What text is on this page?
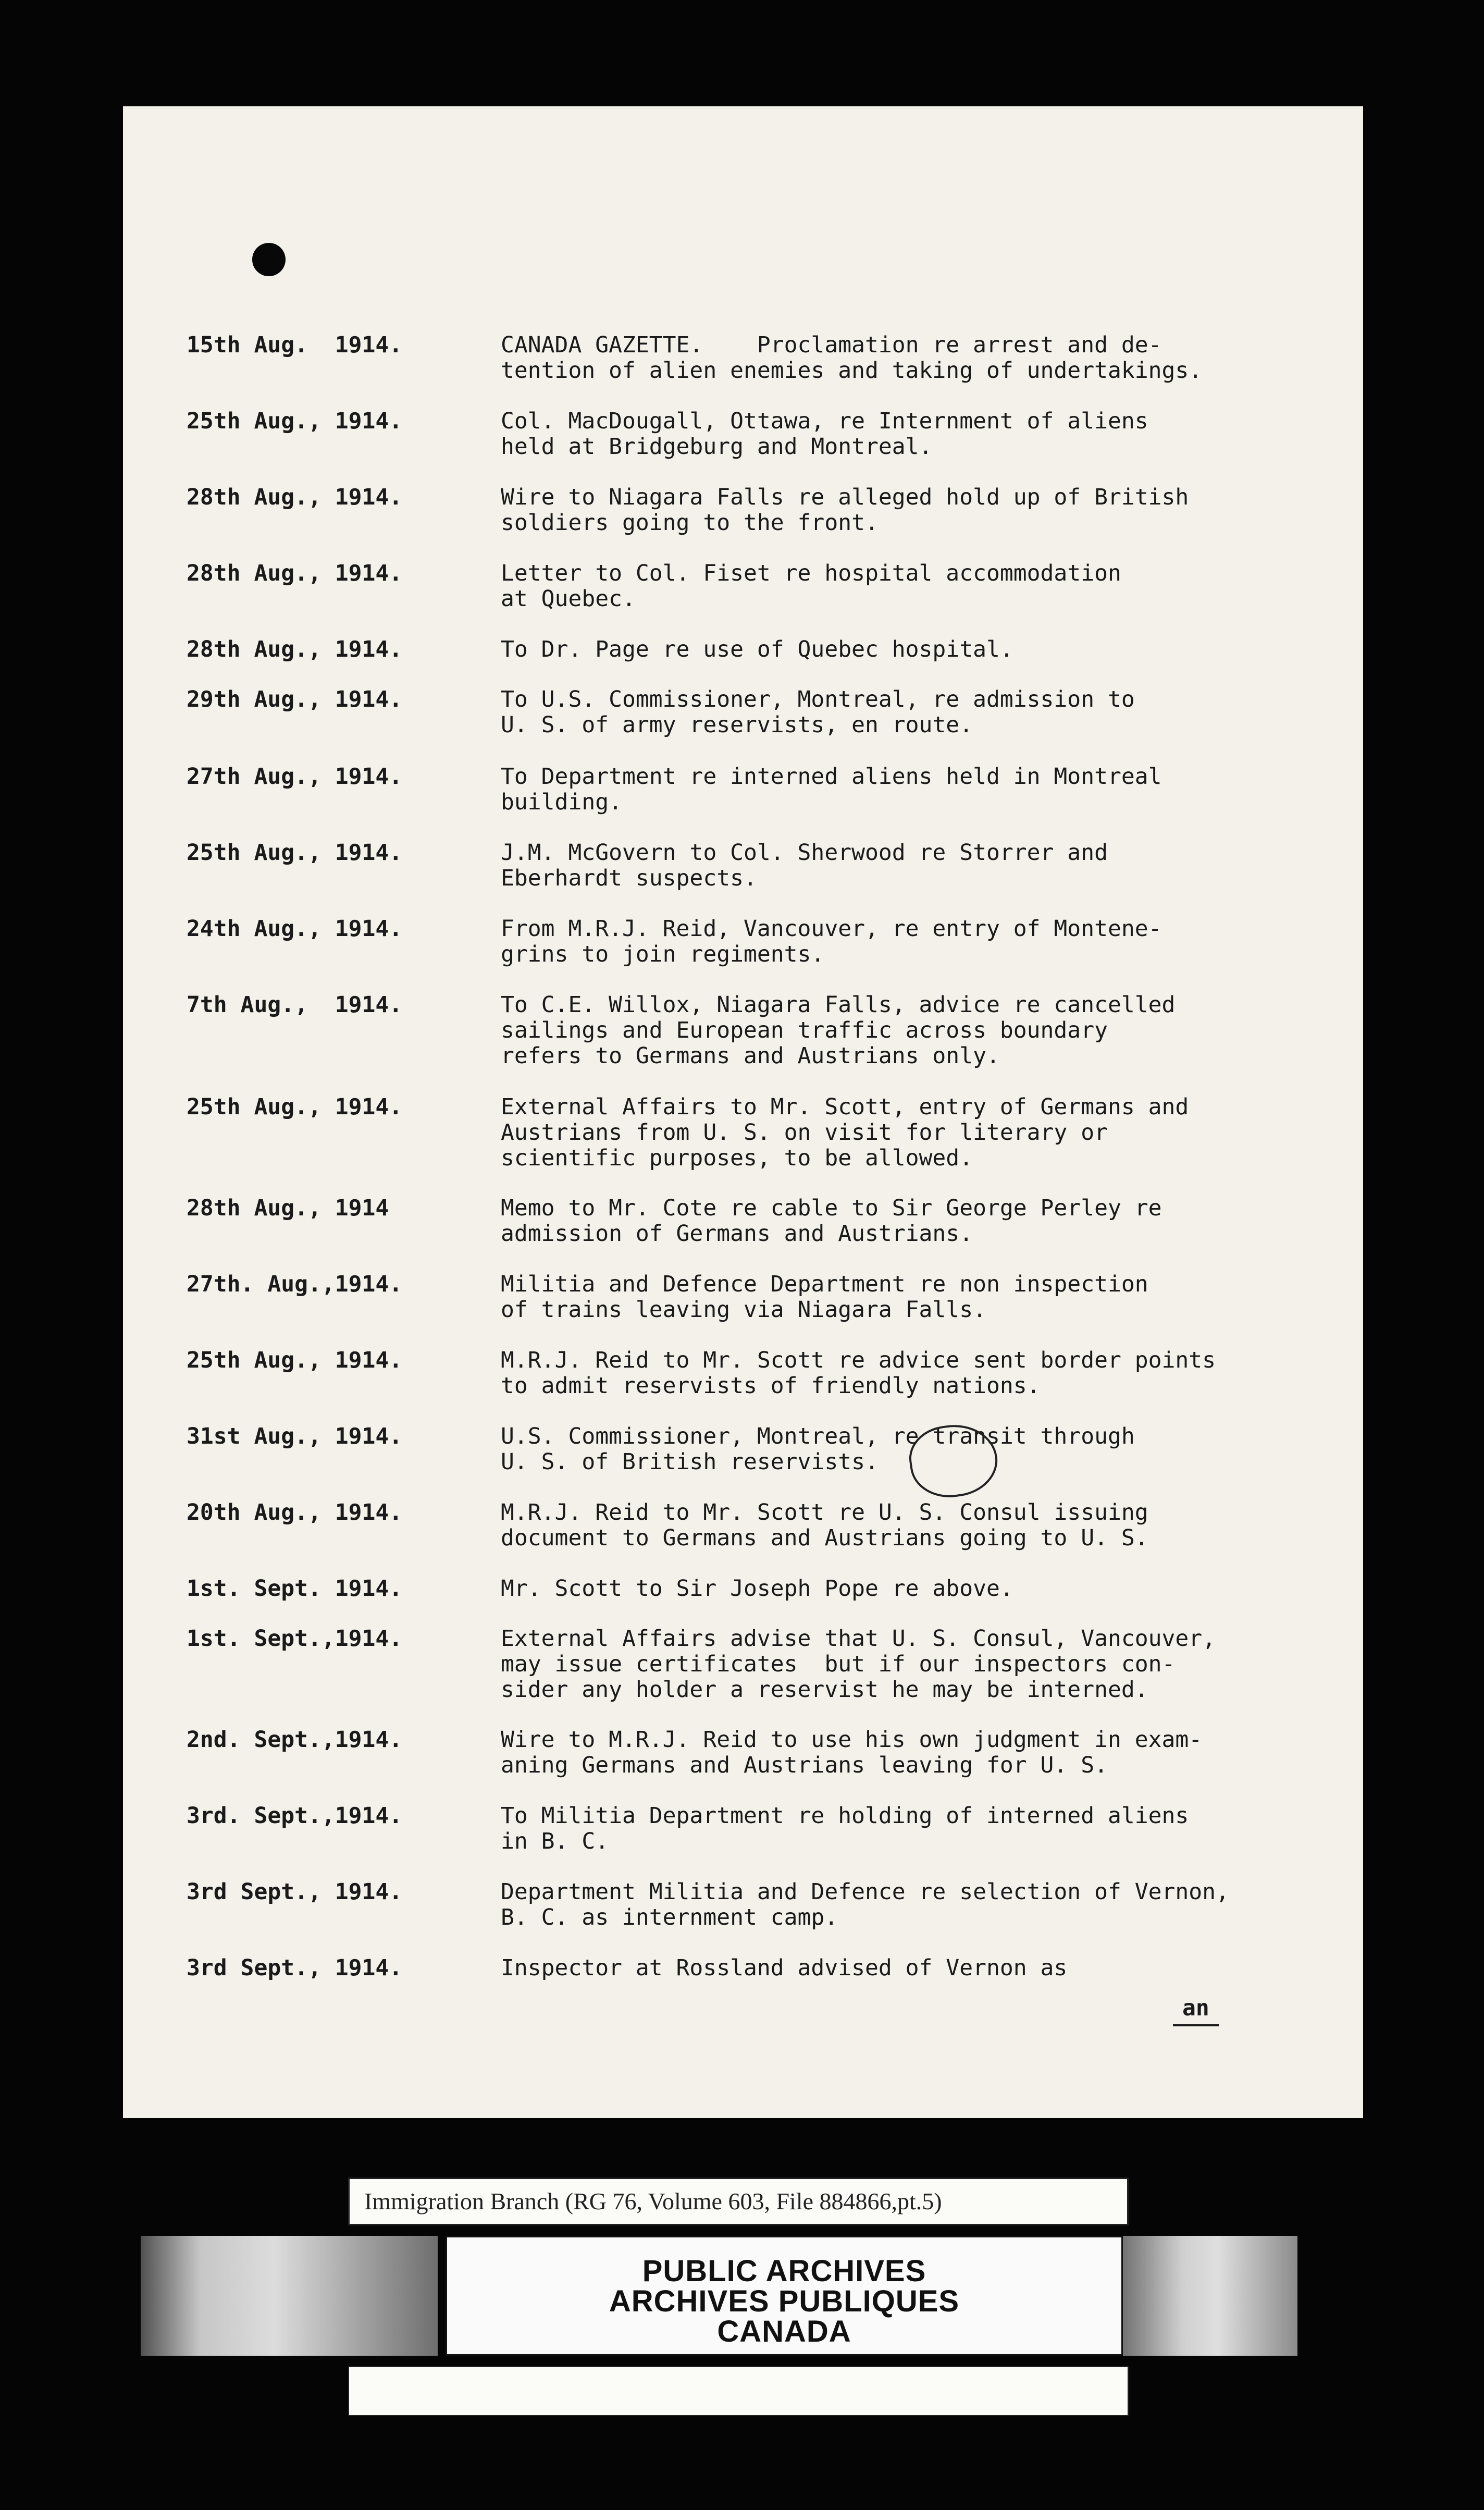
15th Aug.  1914.	CANADA GAZETTE.    Proclamation re arrest and de-
tention of alien enemies and taking of undertakings.
25th Aug., 1914.	Col. MacDougall, Ottawa, re Internment of aliens
held at Bridgeburg and Montreal.
28th Aug., 1914.	Wire to Niagara Falls re alleged hold up of British
soldiers going to the front.
28th Aug., 1914.	Letter to Col. Fiset re hospital accommodation
at Quebec.
28th Aug., 1914.	To Dr. Page re use of Quebec hospital.
29th Aug., 1914.	To U.S. Commissioner, Montreal, re admission to
U. S. of army reservists, en route.
27th Aug., 1914.	To Department re interned aliens held in Montreal
building.
25th Aug., 1914.	J.M. McGovern to Col. Sherwood re Storrer and
Eberhardt suspects.
24th Aug., 1914.	From M.R.J. Reid, Vancouver, re entry of Montene-
grins to join regiments.
7th Aug.,  1914.	To C.E. Willox, Niagara Falls, advice re cancelled
sailings and European traffic across boundary
refers to Germans and Austrians only.
25th Aug., 1914.	External Affairs to Mr. Scott, entry of Germans and
Austrians from U. S. on visit for literary or
scientific purposes, to be allowed.
28th Aug., 1914	Memo to Mr. Cote re cable to Sir George Perley re
admission of Germans and Austrians.
27th. Aug.,1914.	Militia and Defence Department re non inspection
of trains leaving via Niagara Falls.
25th Aug., 1914.	M.R.J. Reid to Mr. Scott re advice sent border points
to admit reservists of friendly nations.
31st Aug., 1914.	U.S. Commissioner, Montreal, re transit through
U. S. of British reservists.
20th Aug., 1914.	M.R.J. Reid to Mr. Scott re U. S. Consul issuing
document to Germans and Austrians going to U. S.
1st. Sept. 1914.	Mr. Scott to Sir Joseph Pope re above.
1st. Sept.,1914.	External Affairs advise that U. S. Consul, Vancouver,
may issue certificates  but if our inspectors con-
sider any holder a reservist he may be interned.
2nd. Sept.,1914.	Wire to M.R.J. Reid to use his own judgment in exam-
aning Germans and Austrians leaving for U. S.
3rd. Sept.,1914.	To Militia Department re holding of interned aliens
in B. C.
3rd Sept., 1914.	Department Militia and Defence re selection of Vernon,
B. C. as internment camp.
3rd Sept., 1914.	Inspector at Rossland advised of Vernon as
an
Immigration Branch (RG 76, Volume 603, File 884866,pt.5)
PUBLIC ARCHIVES
ARCHIVES PUBLIQUES
CANADA
